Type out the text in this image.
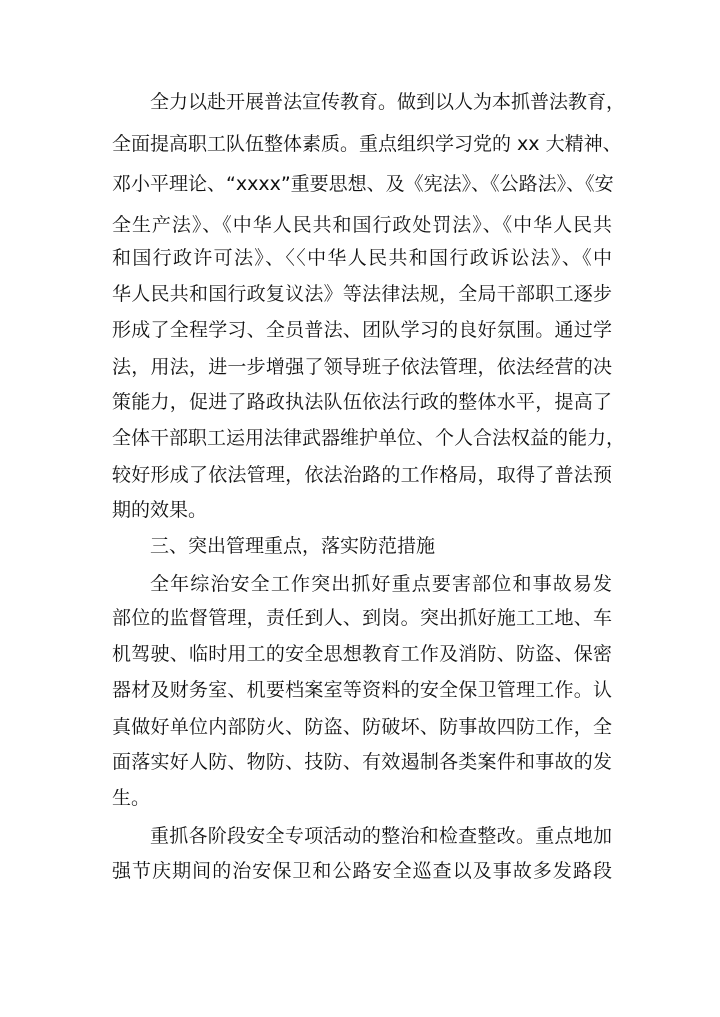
全力以赴开展普法宣传教育。做到以人为本抓普法教育，
全面提高职工队伍整体素质。重点组织学习党的 xx 大精神、
邓小平理论、“xxxx”重要思想、及《宪法》、《公路法》、《安
全生产法》、《中华人民共和国行政处罚法》、《中华人民共
和国行政许可法》、〈〈中华人民共和国行政诉讼法》、《中
华人民共和国行政复议法》等法律法规，全局干部职工逐步
形成了全程学习、全员普法、团队学习的良好氛围。通过学
法，用法，进一步增强了领导班子依法管理，依法经营的决
策能力，促进了路政执法队伍依法行政的整体水平，提高了
全体干部职工运用法律武器维护单位、个人合法权益的能力，
较好形成了依法管理，依法治路的工作格局，取得了普法预
期的效果。
三、突出管理重点，落实防范措施
全年综治安全工作突出抓好重点要害部位和事故易发
部位的监督管理，责任到人、到岗。突出抓好施工工地、车
机驾驶、临时用工的安全思想教育工作及消防、防盗、保密
器材及财务室、机要档案室等资料的安全保卫管理工作。认
真做好单位内部防火、防盗、防破坏、防事故四防工作，全
面落实好人防、物防、技防、有效遏制各类案件和事故的发
生。
重抓各阶段安全专项活动的整治和检查整改。重点地加
强节庆期间的治安保卫和公路安全巡查以及事故多发路段
